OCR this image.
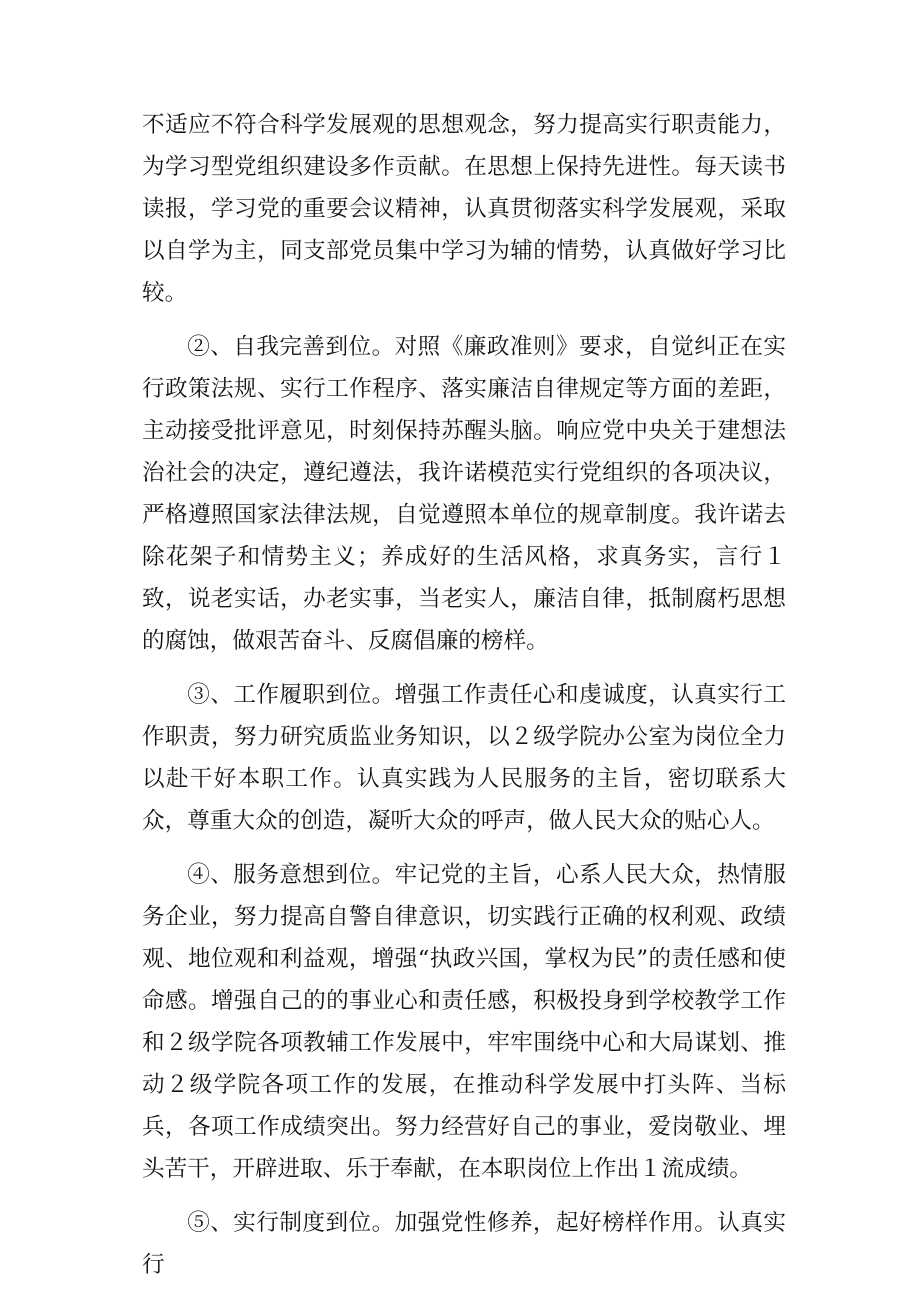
不适应不符合科学发展观的思想观念，努力提高实行职责能力，为学习型党组织建设多作贡献。在思想上保持先进性。每天读书读报，学习党的重要会议精神，认真贯彻落实科学发展观，采取以自学为主，同支部党员集中学习为辅的情势，认真做好学习比较。

②、自我完善到位。对照《廉政准则》要求，自觉纠正在实行政策法规、实行工作程序、落实廉洁自律规定等方面的差距，主动接受批评意见，时刻保持苏醒头脑。响应党中央关于建想法治社会的决定，遵纪遵法，我许诺模范实行党组织的各项决议，严格遵照国家法律法规，自觉遵照本单位的规章制度。我许诺去除花架子和情势主义；养成好的生活风格，求真务实，言行１致，说老实话，办老实事，当老实人，廉洁自律，抵制腐朽思想的腐蚀，做艰苦奋斗、反腐倡廉的榜样。

③、工作履职到位。增强工作责任心和虔诚度，认真实行工作职责，努力研究质监业务知识，以２级学院办公室为岗位全力以赴干好本职工作。认真实践为人民服务的主旨，密切联系大众，尊重大众的创造，凝听大众的呼声，做人民大众的贴心人。

④、服务意想到位。牢记党的主旨，心系人民大众，热情服务企业，努力提高自警自律意识，切实践行正确的权利观、政绩观、地位观和利益观，增强“执政兴国，掌权为民”的责任感和使命感。增强自己的的事业心和责任感，积极投身到学校教学工作和２级学院各项教辅工作发展中，牢牢围绕中心和大局谋划、推动２级学院各项工作的发展，在推动科学发展中打头阵、当标兵，各项工作成绩突出。努力经营好自己的事业，爱岗敬业、埋头苦干，开辟进取、乐于奉献，在本职岗位上作出１流成绩。

⑤、实行制度到位。加强党性修养，起好榜样作用。认真实行
